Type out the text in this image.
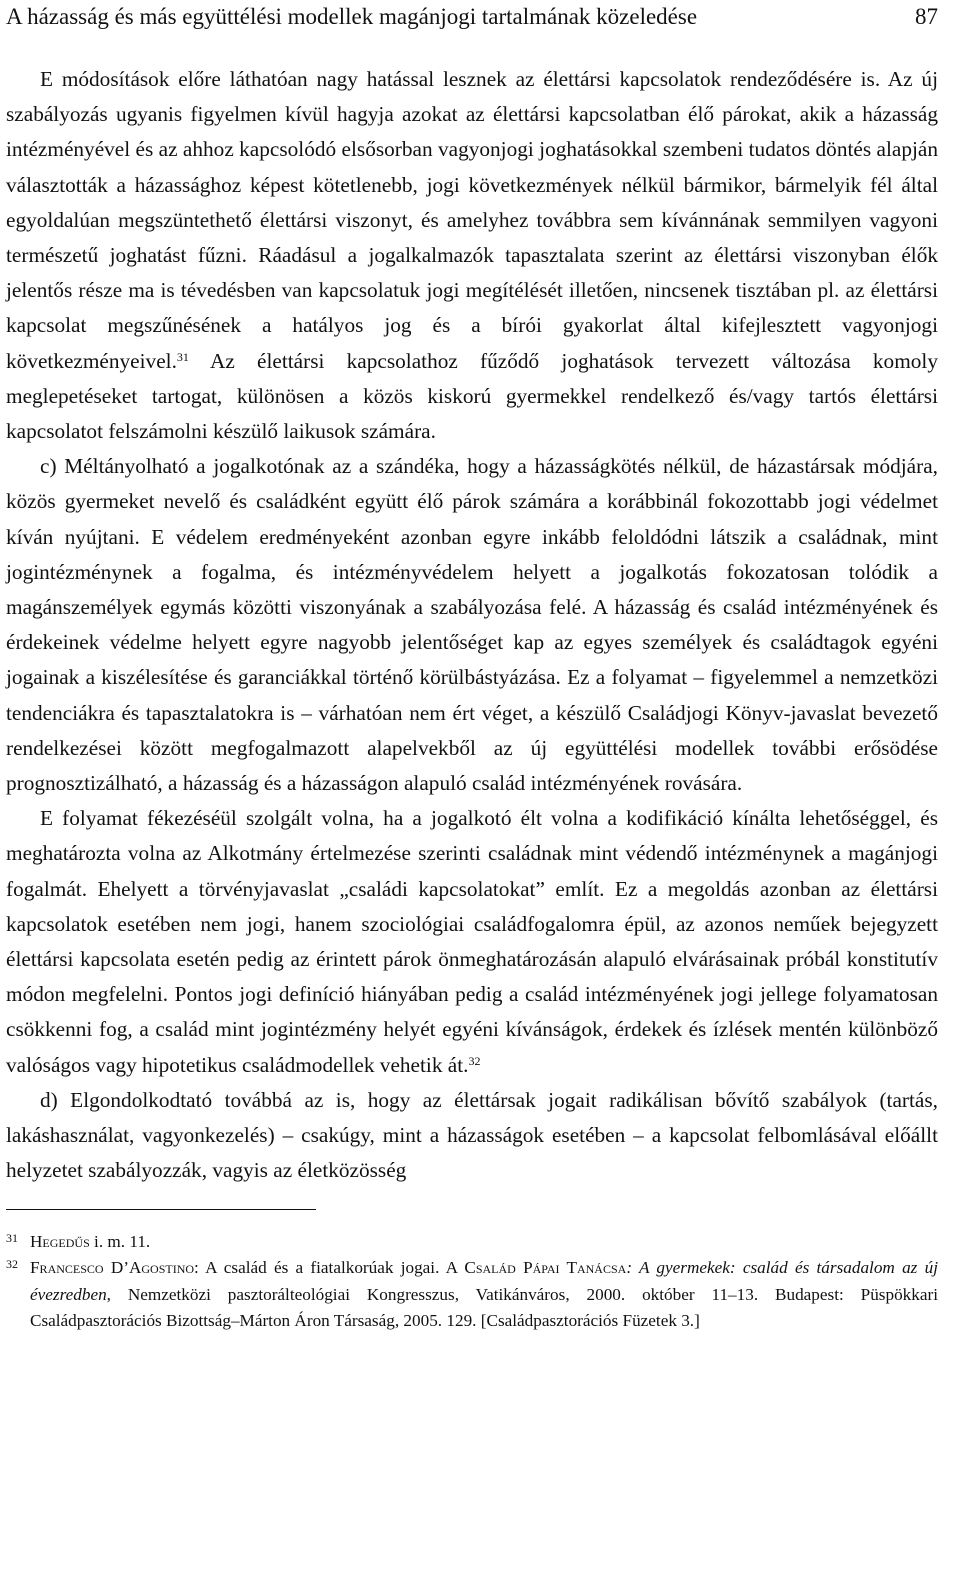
A házasság és más együttélési modellek magánjogi tartalmának közeledése	87

E módosítások előre láthatóan nagy hatással lesznek az élettársi kapcsolatok rendeződésére is. Az új szabályozás ugyanis figyelmen kívül hagyja azokat az élettársi kapcsolatban élő párokat, akik a házasság intézményével és az ahhoz kapcsolódó elsősorban vagyonjogi joghatásokkal szembeni tudatos döntés alapján választották a házassághoz képest kötetlenebb, jogi következmények nélkül bármikor, bármelyik fél által egyoldalúan megszüntethető élettársi viszonyt, és amelyhez továbbra sem kívánnának semmilyen vagyoni természetű joghatást fűzni. Ráadásul a jogalkalmazók tapasztalata szerint az élettársi viszonyban élők jelentős része ma is tévedésben van kapcsolatuk jogi megítélését illetően, nincsenek tisztában pl. az élettársi kapcsolat megszűnésének a hatályos jog és a bírói gyakorlat által kifejlesztett vagyonjogi következményeivel.$^{31}$ Az élettársi kapcsolathoz fűződő joghatások tervezett változása komoly meglepetéseket tartogat, különösen a közös kiskorú gyermekkel rendelkező és/vagy tartós élettársi kapcsolatot felszámolni készülő laikusok számára.

c) Méltányolható a jogalkotónak az a szándéka, hogy a házasságkötés nélkül, de házastársak módjára, közös gyermeket nevelő és családként együtt élő párok számára a korábbinál fokozottabb jogi védelmet kíván nyújtani. E védelem eredményeként azonban egyre inkább feloldódni látszik a családnak, mint jogintézménynek a fogalma, és intézményvédelem helyett a jogalkotás fokozatosan tolódik a magánszemélyek egymás közötti viszonyának a szabályozása felé. A házasság és család intézményének és érdekeinek védelme helyett egyre nagyobb jelentőséget kap az egyes személyek és családtagok egyéni jogainak a kiszélesítése és garanciákkal történő körülbástyázása. Ez a folyamat – figyelemmel a nemzetközi tendenciákra és tapasztalatokra is – várhatóan nem ért véget, a készülő Családjogi Könyv-javaslat bevezető rendelkezései között megfogalmazott alapelvekből az új együttélési modellek további erősödése prognosztizálható, a házasság és a házasságon alapuló család intézményének rovására.

E folyamat fékezéséül szolgált volna, ha a jogalkotó élt volna a kodifikáció kínálta lehetőséggel, és meghatározta volna az Alkotmány értelmezése szerinti családnak mint védendő intézménynek a magánjogi fogalmát. Ehelyett a törvényjavaslat „családi kapcsolatokat” említ. Ez a megoldás azonban az élettársi kapcsolatok esetében nem jogi, hanem szociológiai családfogalomra épül, az azonos neműek bejegyzett élettársi kapcsolata esetén pedig az érintett párok önmeghatározásán alapuló elvárásainak próbál konstitutív módon megfelelni. Pontos jogi definíció hiányában pedig a család intézményének jogi jellege folyamatosan csökkenni fog, a család mint jogintézmény helyét egyéni kívánságok, érdekek és ízlések mentén különböző valóságos vagy hipotetikus családmodellek vehetik át.$^{32}$

d) Elgondolkodtató továbbá az is, hogy az élettársak jogait radikálisan bővítő szabályok (tartás, lakáshasználat, vagyonkezelés) – csakúgy, mint a házasságok esetében – a kapcsolat felbomlásával előállt helyzetet szabályozzák, vagyis az életközösség

31 Hegedűs i. m. 11.
32 Francesco D’Agostino: A család és a fiatalkorúak jogai. A Család Pápai Tanácsa: A gyermekek: család és társadalom az új évezredben, Nemzetközi pasztorálteológiai Kongresszus, Vatikánváros, 2000. október 11–13. Budapest: Püspökkari Családpasztorációs Bizottság–Márton Áron Társaság, 2005. 129. [Családpasztorációs Füzetek 3.]
